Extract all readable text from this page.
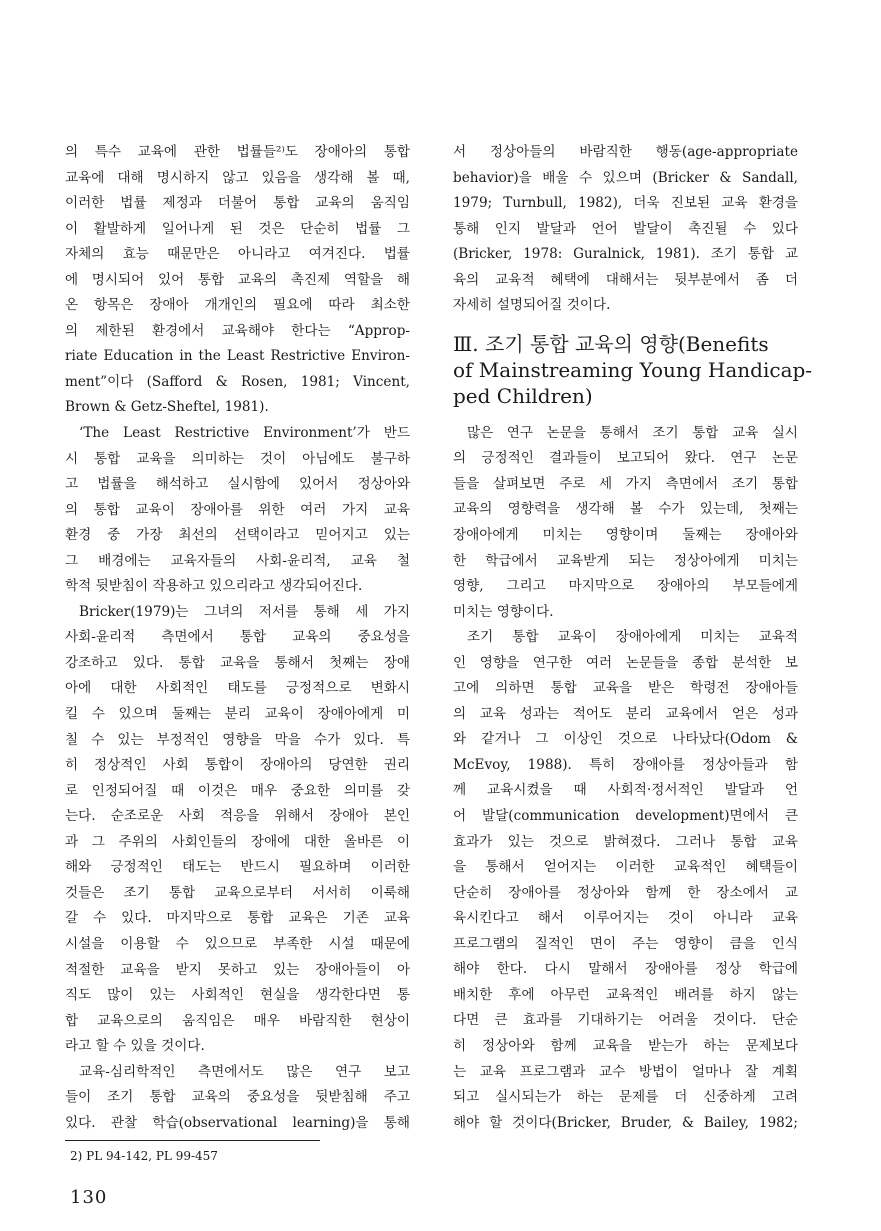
의 특수 교육에 관한 법률들²⁾도 장애아의 통합
교육에 대해 명시하지 않고 있음을 생각해 볼 때,
이러한 법률 제정과 더불어 통합 교육의 움직임
이 활발하게 일어나게 된 것은 단순히 법률 그
자체의 효능 때문만은 아니라고 여겨진다. 법률
에 명시되어 있어 통합 교육의 촉진제 역할을 해
온 항목은 장애아 개개인의 필요에 따라 최소한
의 제한된 환경에서 교육해야 한다는 “Approp-
riate Education in the Least Restrictive Environ-
ment”이다 (Safford & Rosen, 1981; Vincent,
Brown & Getz-Sheftel, 1981).
‘The Least Restrictive Environment’가 반드
시 통합 교육을 의미하는 것이 아님에도 불구하
고 법률을 해석하고 실시함에 있어서 정상아와
의 통합 교육이 장애아를 위한 여러 가지 교육
환경 중 가장 최선의 선택이라고 믿어지고 있는
그 배경에는 교육자들의 사회-윤리적, 교육 철
학적 뒷받침이 작용하고 있으리라고 생각되어진다.
Bricker(1979)는 그녀의 저서를 통해 세 가지
사회-윤리적 측면에서 통합 교육의 중요성을
강조하고 있다. 통합 교육을 통해서 첫째는 장애
아에 대한 사회적인 태도를 긍정적으로 변화시
킬 수 있으며 둘째는 분리 교육이 장애아에게 미
칠 수 있는 부정적인 영향을 막을 수가 있다. 특
히 정상적인 사회 통합이 장애아의 당연한 권리
로 인정되어질 때 이것은 매우 중요한 의미를 갖
는다. 순조로운 사회 적응을 위해서 장애아 본인
과 그 주위의 사회인들의 장애에 대한 올바른 이
해와 긍정적인 태도는 반드시 필요하며 이러한
것들은 조기 통합 교육으로부터 서서히 이룩해
갈 수 있다. 마지막으로 통합 교육은 기존 교육
시설을 이용할 수 있으므로 부족한 시설 때문에
적절한 교육을 받지 못하고 있는 장애아들이 아
직도 많이 있는 사회적인 현실을 생각한다면 통
합 교육으로의 움직임은 매우 바람직한 현상이
라고 할 수 있을 것이다.
교육-심리학적인 측면에서도 많은 연구 보고
들이 조기 통합 교육의 중요성을 뒷받침해 주고
있다. 관찰 학습(observational learning)을 통해
서 정상아들의 바람직한 행동(age-appropriate
behavior)을 배울 수 있으며 (Bricker & Sandall,
1979; Turnbull, 1982), 더욱 진보된 교육 환경을
통해 인지 발달과 언어 발달이 촉진될 수 있다
(Bricker, 1978: Guralnick, 1981). 조기 통합 교
육의 교육적 혜택에 대해서는 뒷부분에서 좀 더
자세히 설명되어질 것이다.
Ⅲ. 조기 통합 교육의 영향(Benefits
of Mainstreaming Young Handicap-
ped Children)
많은 연구 논문을 통해서 조기 통합 교육 실시
의 긍정적인 결과들이 보고되어 왔다. 연구 논문
들을 살펴보면 주로 세 가지 측면에서 조기 통합
교육의 영향력을 생각해 볼 수가 있는데, 첫째는
장애아에게 미치는 영향이며 둘째는 장애아와
한 학급에서 교육받게 되는 정상아에게 미치는
영향, 그리고 마지막으로 장애아의 부모들에게
미치는 영향이다.
조기 통합 교육이 장애아에게 미치는 교육적
인 영향을 연구한 여러 논문들을 종합 분석한 보
고에 의하면 통합 교육을 받은 학령전 장애아들
의 교육 성과는 적어도 분리 교육에서 얻은 성과
와 같거나 그 이상인 것으로 나타났다(Odom &
McEvoy, 1988). 특히 장애아를 정상아들과 함
께 교육시켰을 때 사회적·정서적인 발달과 언
어 발달(communication development)면에서 큰
효과가 있는 것으로 밝혀졌다. 그러나 통합 교육
을 통해서 얻어지는 이러한 교육적인 혜택들이
단순히 장애아를 정상아와 함께 한 장소에서 교
육시킨다고 해서 이루어지는 것이 아니라 교육
프로그램의 질적인 면이 주는 영향이 큼을 인식
해야 한다. 다시 말해서 장애아를 정상 학급에
배치한 후에 아무런 교육적인 배려를 하지 않는
다면 큰 효과를 기대하기는 어려울 것이다. 단순
히 정상아와 함께 교육을 받는가 하는 문제보다
는 교육 프로그램과 교수 방법이 얼마나 잘 계획
되고 실시되는가 하는 문제를 더 신중하게 고려
해야 할 것이다(Bricker, Bruder, & Bailey, 1982;
2) PL 94-142, PL 99-457
130
